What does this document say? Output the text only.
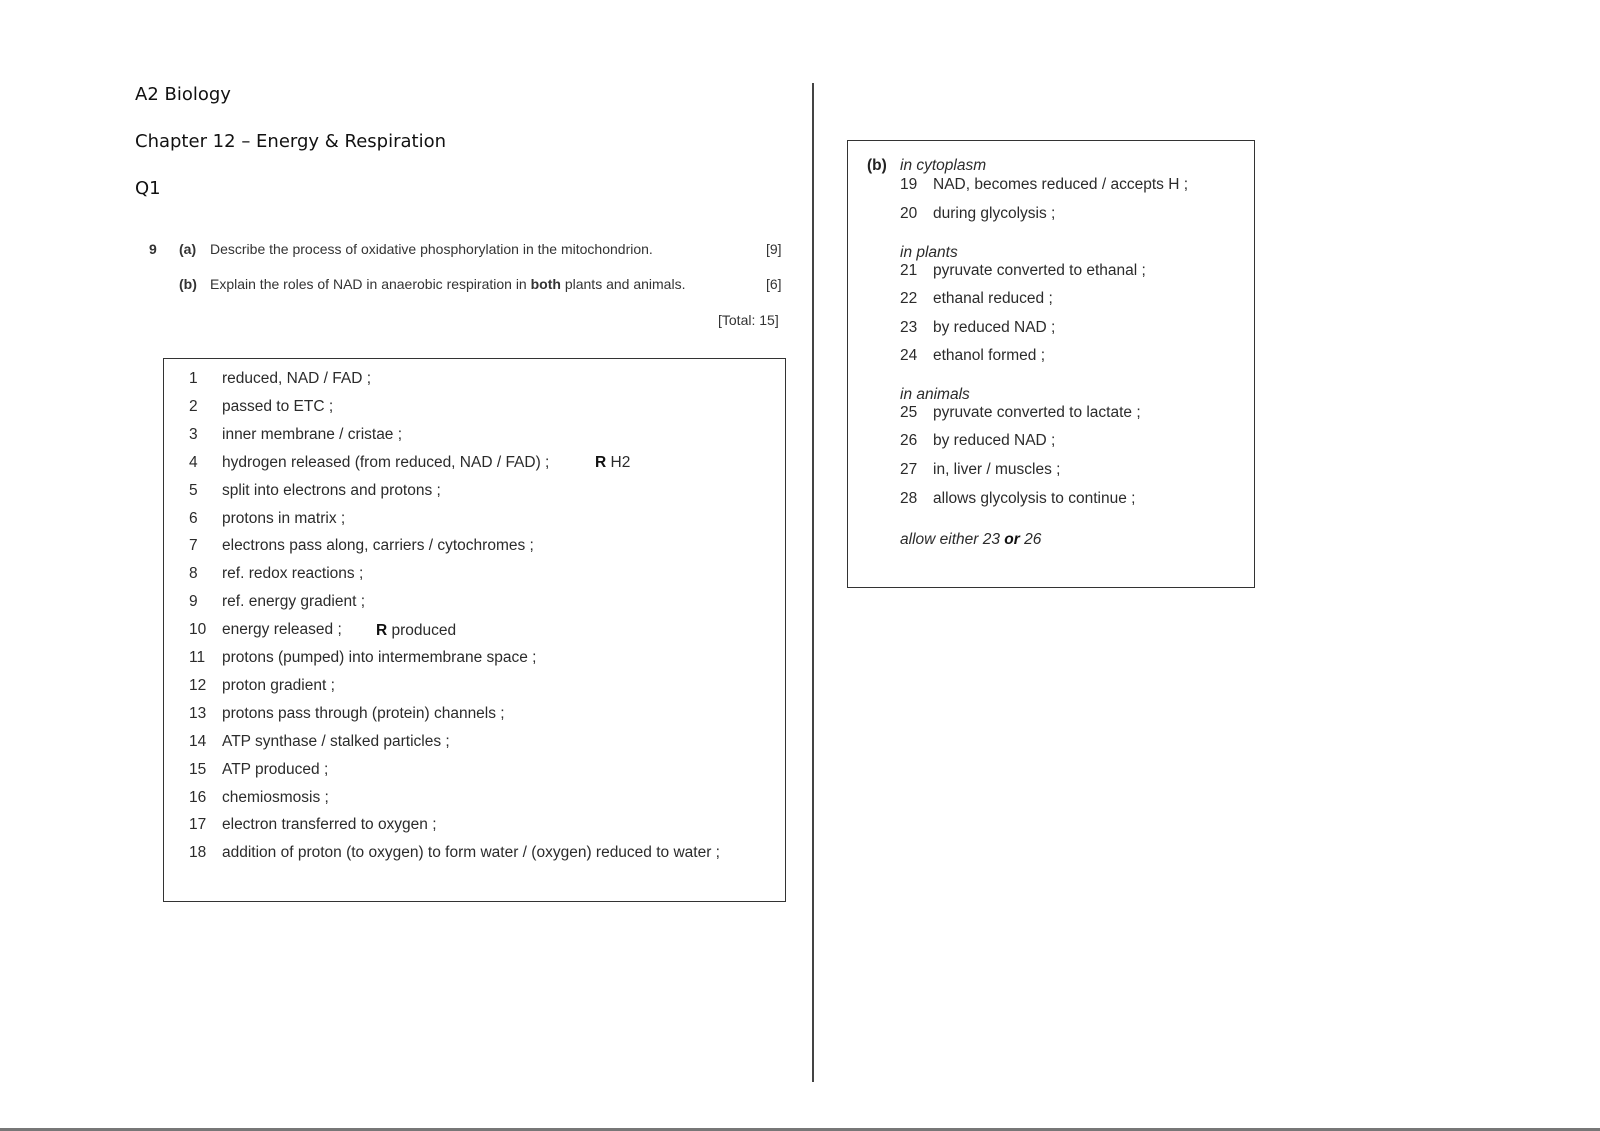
A2 Biology
Chapter 12 – Energy & Respiration
Q1
9 (a) Describe the process of oxidative phosphorylation in the mitochondrion.	[9]
(b) Explain the roles of NAD in anaerobic respiration in both plants and animals.	[6]
[Total: 15]
1 reduced, NAD / FAD ;
2 passed to ETC ;
3 inner membrane / cristae ;
4 hydrogen released (from reduced, NAD / FAD) ;
5 split into electrons and protons ;
6 protons in matrix ;
7 electrons pass along, carriers / cytochromes ;
8 ref. redox reactions ;
9 ref. energy gradient ;
10 energy released ;
11 protons (pumped) into intermembrane space ;
12 proton gradient ;
13 protons pass through (protein) channels ;
14 ATP synthase / stalked particles ;
15 ATP produced ;
16 chemiosmosis ;
17 electron transferred to oxygen ;
18 addition of proton (to oxygen) to form water / (oxygen) reduced to water ;
R H2
R produced
(b) in cytoplasm
in plants
in animals
19 NAD, becomes reduced / accepts H ;
20 during glycolysis ;
21 pyruvate converted to ethanal ;
22 ethanal reduced ;
23 by reduced NAD ;
24 ethanol formed ;
25 pyruvate converted to lactate ;
26 by reduced NAD ;
27 in, liver / muscles ;
28 allows glycolysis to continue ;
allow either 23 or 26
